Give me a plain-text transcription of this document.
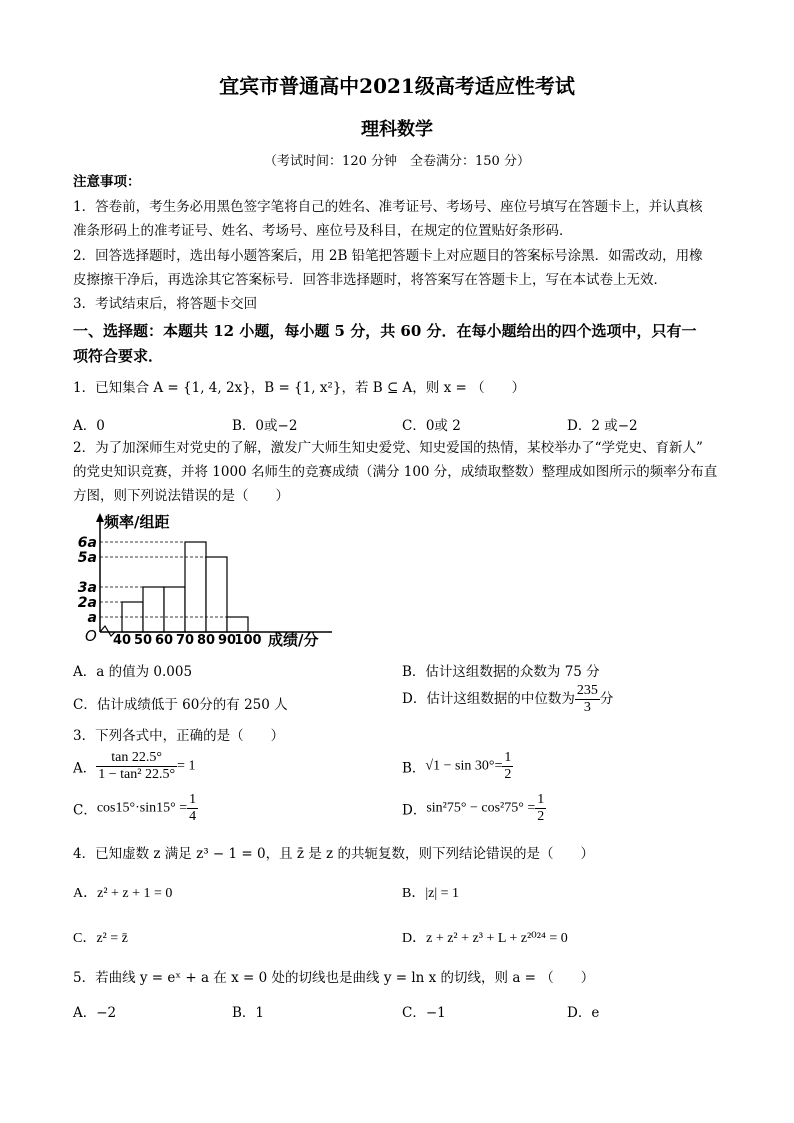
宜宾市普通高中2021级高考适应性考试
理科数学
（考试时间：120 分钟　全卷满分：150 分）
注意事项：
1．答卷前，考生务必用黑色签字笔将自己的姓名、准考证号、考场号、座位号填写在答题卡上，并认真核
准条形码上的准考证号、姓名、考场号、座位号及科目，在规定的位置贴好条形码．
2．回答选择题时，选出每小题答案后，用 2B 铅笔把答题卡上对应题目的答案标号涂黑．如需改动，用橡
皮擦擦干净后，再选涂其它答案标号．回答非选择题时，将答案写在答题卡上，写在本试卷上无效．
3．考试结束后，将答题卡交回
一、选择题：本题共 12 小题，每小题 5 分，共 60 分．在每小题给出的四个选项中，只有一
项符合要求．
1．已知集合 A = {1, 4, 2x}，B = {1, x²}，若 B ⊆ A，则 x = （　　）
A．0	B．0或−2	C．0或 2	D．2 或−2
2．为了加深师生对党史的了解，激发广大师生知史爱党、知史爱国的热情，某校举办了“学党史、育新人”
的党史知识竞赛，并将 1000 名师生的竞赛成绩（满分 100 分，成绩取整数）整理成如图所示的频率分布直
方图，则下列说法错误的是（　　）
频率/组距
成绩/分
O
a
2a
3a
5a
6a
40 50 60 70 80 90
100
A．a 的值为 0.005	B．估计这组数据的众数为 75 分
C．估计成绩低于 60分的有 250 人	D．估计这组数据的中位数为 $\frac{235}{3}$ 分
3．下列各式中，正确的是（　　）
A． $\frac{\tan 22.5^\circ}{\text{1 − tan² 22.5°}} = 1$	B．$√1 - \sin 30^\circ= \frac{1}{2}$
C．$\cos 15^\circ\cdot\sin 15^\circ = \frac{1}{4}$	D．$\sin^275^\circ - \cos^275^\circ = \frac{1}{2}$
4．已知虚数 z 满足 z³ − 1 = 0，且 z̄ 是 z 的共轭复数，则下列结论错误的是（　　）
A．z² + z + 1 = 0	B．|z| = 1
C．z² = z̄	D．z + z² + z³ + L + z²⁰²⁴ = 0
5．若曲线 y = eˣ + a 在 x = 0 处的切线也是曲线 y = ln x 的切线，则 a = （　　）
A．−2	B．1	C．−1	D．e
